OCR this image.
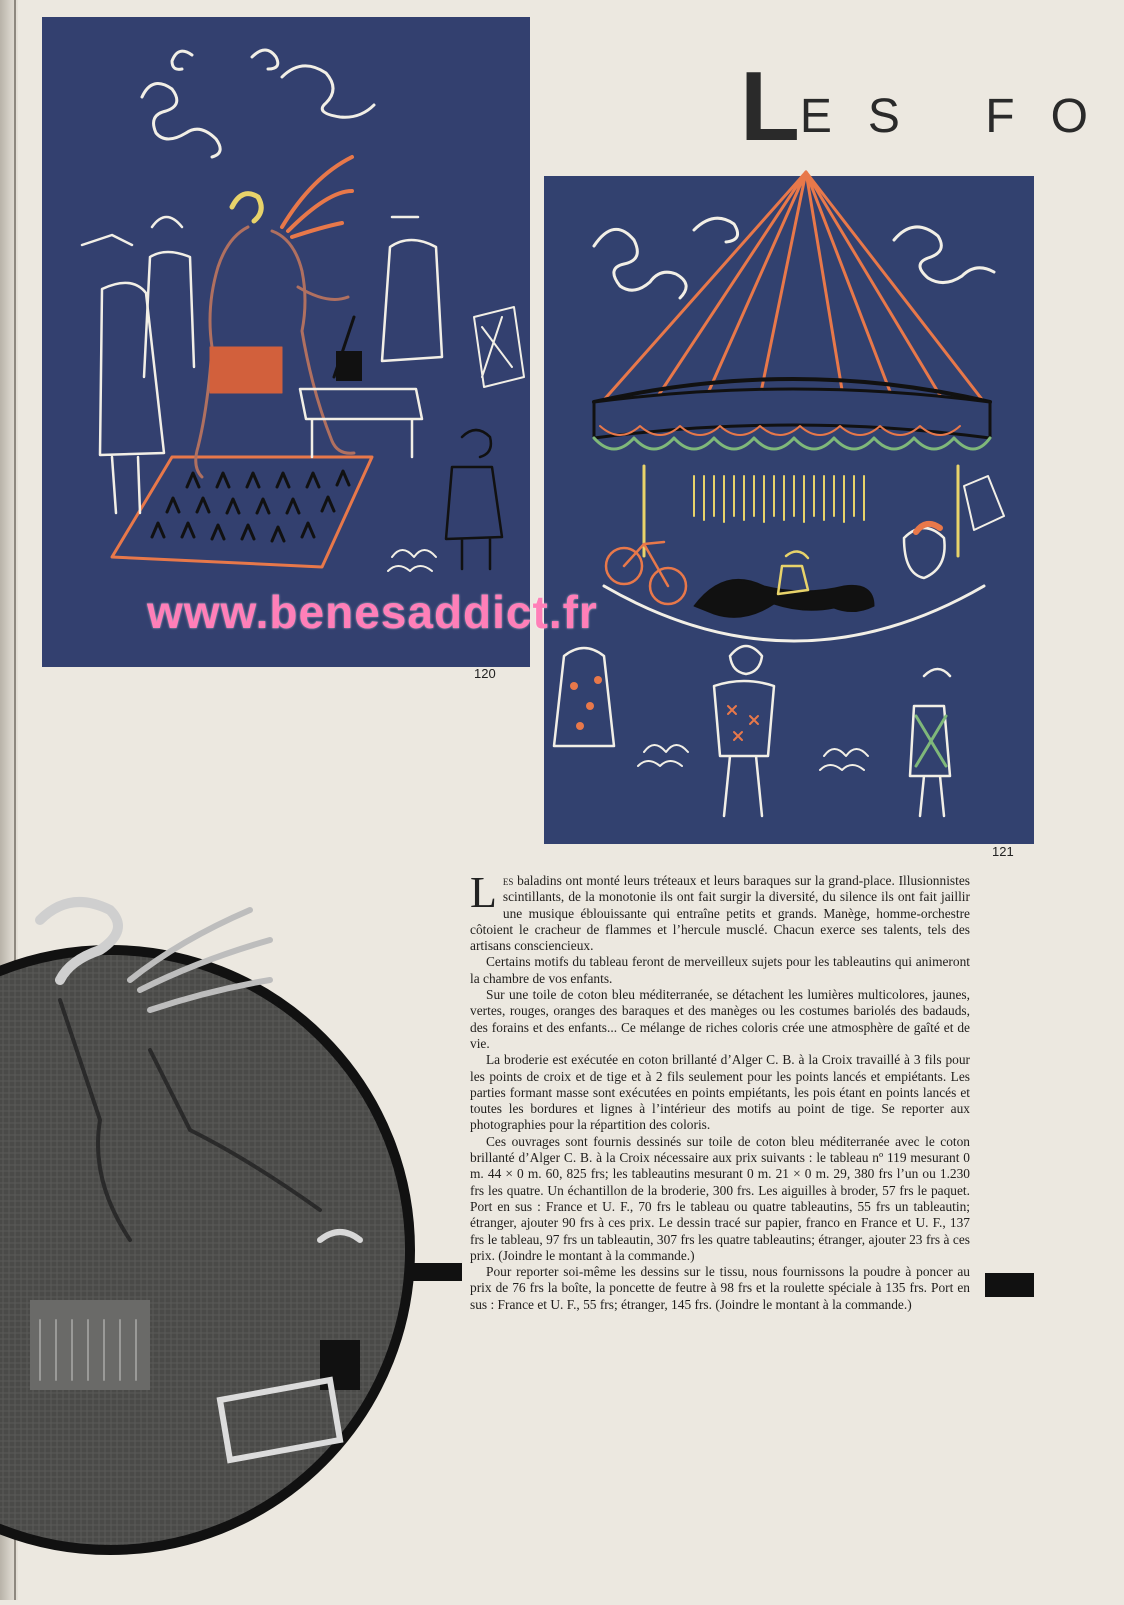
120
LES FO
121
www.benesaddict.fr

Les baladins ont monté leurs tréteaux et leurs baraques sur la grand-place. Illusionnistes scintillants, de la monotonie ils ont fait surgir la diversité, du silence ils ont fait jaillir une musique éblouissante qui entraîne petits et grands. Manège, homme-orchestre côtoient le cracheur de flammes et l’hercule musclé. Chacun exerce ses talents, tels des artisans consciencieux.

Certains motifs du tableau feront de merveilleux sujets pour les tableautins qui animeront la chambre de vos enfants.

Sur une toile de coton bleu méditerranée, se détachent les lumières multicolores, jaunes, vertes, rouges, oranges des baraques et des manèges ou les costumes bariolés des badauds, des forains et des enfants... Ce mélange de riches coloris crée une atmosphère de gaîté et de vie.

La broderie est exécutée en coton brillanté d’Alger C. B. à la Croix travaillé à 3 fils pour les points de croix et de tige et à 2 fils seulement pour les points lancés et empiétants. Les parties formant masse sont exécutées en points empiétants, les pois étant en points lancés et toutes les bordures et lignes à l’intérieur des motifs au point de tige. Se reporter aux photographies pour la répartition des coloris.

Ces ouvrages sont fournis dessinés sur toile de coton bleu méditerranée avec le coton brillanté d’Alger C. B. à la Croix nécessaire aux prix suivants : le tableau nº 119 mesurant 0 m. 44 × 0 m. 60, 825 frs; les tableautins mesurant 0 m. 21 × 0 m. 29, 380 frs l’un ou 1.230 frs les quatre. Un échantillon de la broderie, 300 frs. Les aiguilles à broder, 57 frs le paquet. Port en sus : France et U. F., 70 frs le tableau ou quatre tableautins, 55 frs un tableautin; étranger, ajouter 90 frs à ces prix. Le dessin tracé sur papier, franco en France et U. F., 137 frs le tableau, 97 frs un tableautin, 307 frs les quatre tableautins; étranger, ajouter 23 frs à ces prix. (Joindre le montant à la commande.)

Pour reporter soi-même les dessins sur le tissu, nous fournissons la poudre à poncer au prix de 76 frs la boîte, la poncette de feutre à 98 frs et la roulette spéciale à 135 frs. Port en sus : France et U. F., 55 frs; étranger, 145 frs. (Joindre le montant à la commande.)
